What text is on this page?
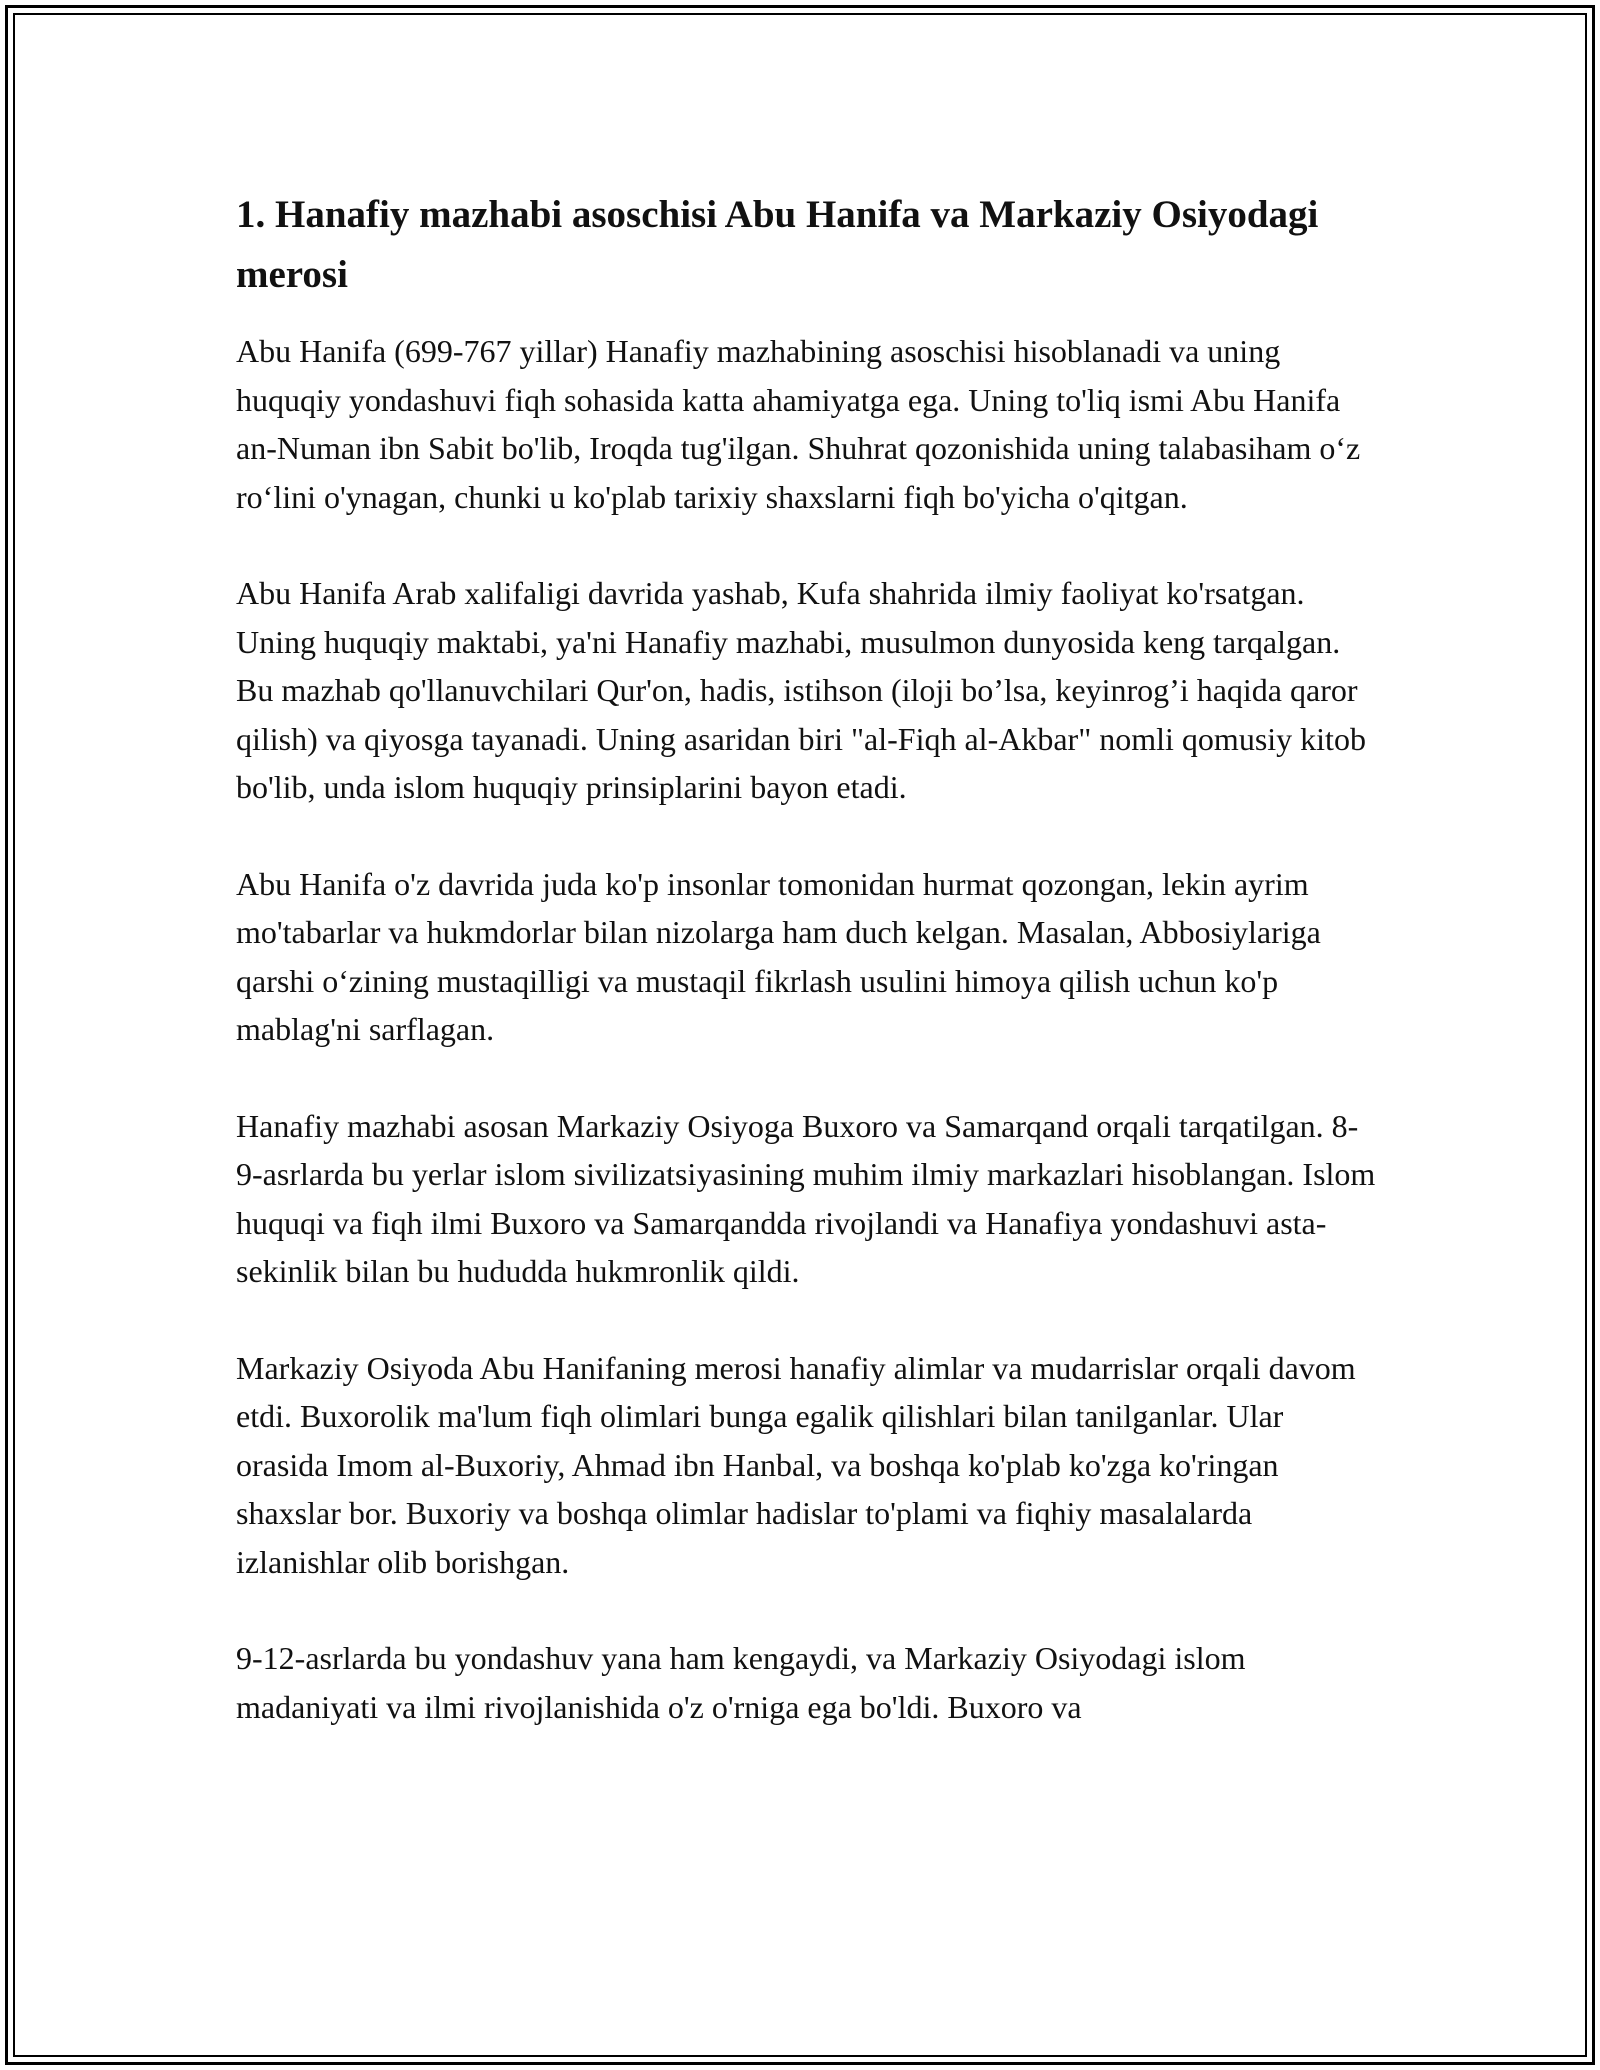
1. Hanafiy mazhabi asoschisi Abu Hanifa va Markaziy Osiyodagi merosi

Abu Hanifa (699-767 yillar) Hanafiy mazhabining asoschisi hisoblanadi va uning huquqiy yondashuvi fiqh sohasida katta ahamiyatga ega. Uning to'liq ismi Abu Hanifa an-Numan ibn Sabit bo'lib, Iroqda tug'ilgan. Shuhrat qozonishida uning talabasiham o‘z ro‘lini o'ynagan, chunki u ko'plab tarixiy shaxslarni fiqh bo'yicha o'qitgan.

Abu Hanifa Arab xalifaligi davrida yashab, Kufa shahrida ilmiy faoliyat ko'rsatgan. Uning huquqiy maktabi, ya'ni Hanafiy mazhabi, musulmon dunyosida keng tarqalgan. Bu mazhab qo'llanuvchilari Qur'on, hadis, istihson (iloji bo’lsa, keyinrog’i haqida qaror qilish) va qiyosga tayanadi. Uning asaridan biri "al-Fiqh al-Akbar" nomli qomusiy kitob bo'lib, unda islom huquqiy prinsiplarini bayon etadi.

Abu Hanifa o'z davrida juda ko'p insonlar tomonidan hurmat qozongan, lekin ayrim mo'tabarlar va hukmdorlar bilan nizolarga ham duch kelgan. Masalan, Abbosiylariga qarshi o‘zining mustaqilligi va mustaqil fikrlash usulini himoya qilish uchun ko'p mablag'ni sarflagan.

Hanafiy mazhabi asosan Markaziy Osiyoga Buxoro va Samarqand orqali tarqatilgan. 8-9-asrlarda bu yerlar islom sivilizatsiyasining muhim ilmiy markazlari hisoblangan. Islom huquqi va fiqh ilmi Buxoro va Samarqandda rivojlandi va Hanafiya yondashuvi asta-sekinlik bilan bu hududda hukmronlik qildi.

Markaziy Osiyoda Abu Hanifaning merosi hanafiy alimlar va mudarrislar orqali davom etdi. Buxorolik ma'lum fiqh olimlari bunga egalik qilishlari bilan tanilganlar. Ular orasida Imom al-Buxoriy, Ahmad ibn Hanbal, va boshqa ko'plab ko'zga ko'ringan shaxslar bor. Buxoriy va boshqa olimlar hadislar to'plami va fiqhiy masalalarda izlanishlar olib borishgan.

9-12-asrlarda bu yondashuv yana ham kengaydi, va Markaziy Osiyodagi islom madaniyati va ilmi rivojlanishida o'z o'rniga ega bo'ldi. Buxoro va
